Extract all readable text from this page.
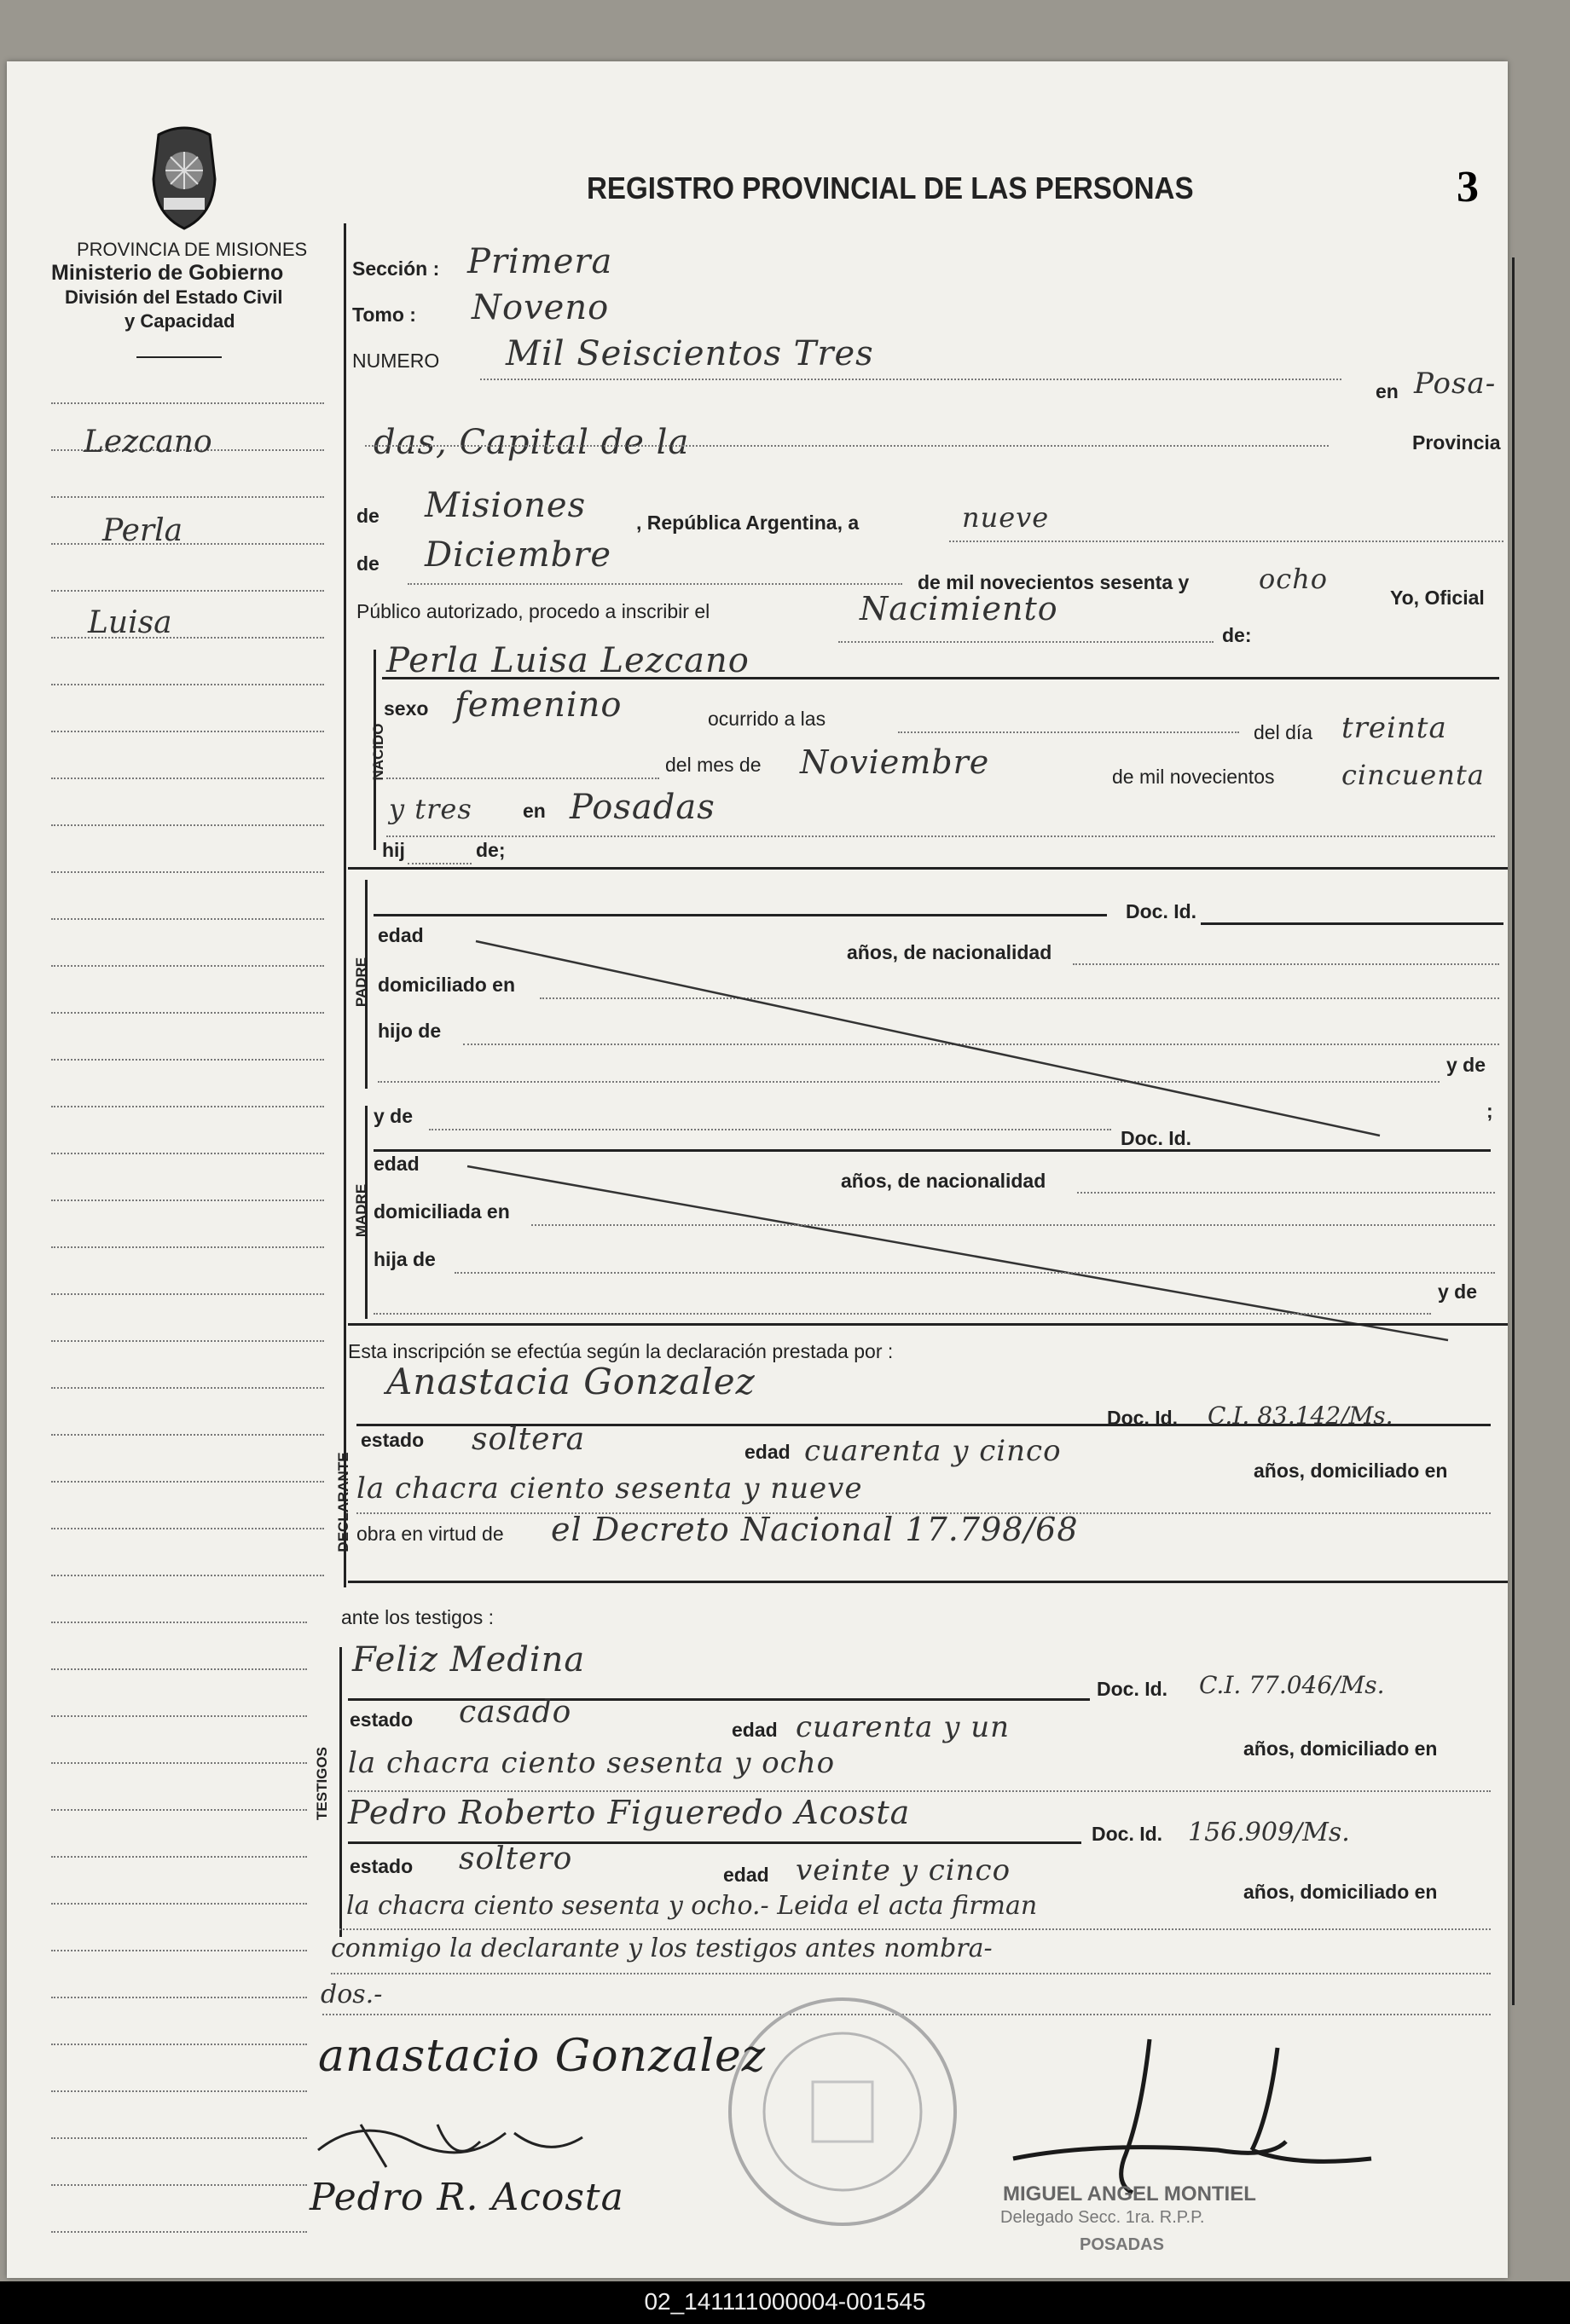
REGISTRO PROVINCIAL DE LAS PERSONAS	3
PROVINCIA DE MISIONES
Ministerio de Gobierno
División del Estado Civil
y Capacidad
Lezcano
Perla
Luisa
Sección : Primera
Tomo : Noveno
NUMERO Mil Seiscientos Tres
en Posa-
das, Capital de la	Provincia
de Misiones	, República Argentina, a	nueve
de Diciembre
de mil novecientos sesenta y	ocho
Yo, Oficial
Público autorizado, procedo a inscribir el	Nacimiento
de:
NACIDO
Perla Luisa Lezcano
sexo femenino	ocurrido a las
del día treinta
del mes de Noviembre	de mil novecientos cincuenta
y tres	en Posadas
hij	de;
PADRE
Doc. Id.
edad
años, de nacionalidad
domiciliado en
hijo de
y de
MADRE
y de
Doc. Id.
;
edad
años, de nacionalidad
domiciliada en
hija de
y de
Esta inscripción se efectúa según la declaración prestada por :
DECLARANTE
Anastacia Gonzalez
Doc. Id. C.I. 83.142/Ms.
estado soltera	edad cuarenta y cinco
años, domiciliado en
la chacra ciento sesenta y nueve
obra en virtud de el Decreto Nacional 17.798/68
ante los testigos :
TESTIGOS
Feliz Medina
Doc. Id. C.I. 77.046/Ms.
estado casado	edad cuarenta y un
años, domiciliado en
la chacra ciento sesenta y ocho
Pedro Roberto Figueredo Acosta
Doc. Id. 156.909/Ms.
estado soltero	edad veinte y cinco
años, domiciliado en
la chacra ciento sesenta y ocho.- Leida el acta firman
conmigo la declarante y los testigos antes nombra-
dos.-
anastacio Gonzalez
Pedro R. Acosta	MIGUEL ANGEL MONTIEL
Delegado Secc. 1ra. R.P.P.
POSADAS
02_141111000004-001545
